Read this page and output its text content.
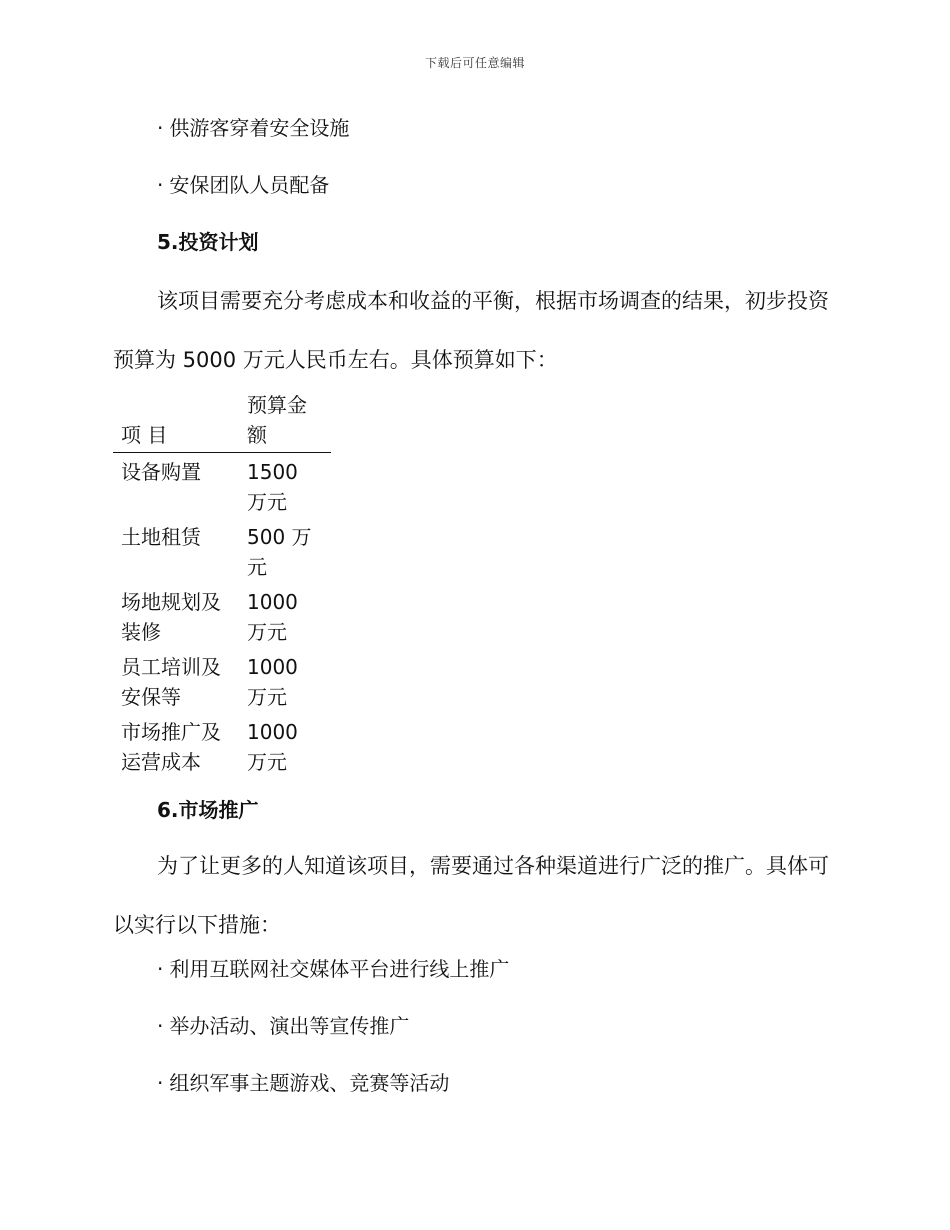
下载后可任意编辑
· 供游客穿着安全设施
· 安保团队人员配备
5.投资计划

该项目需要充分考虑成本和收益的平衡，根据市场调查的结果，初步投资预算为 5000 万元人民币左右。具体预算如下：

项 目	预算金额
设备购置	1500 万元
土地租赁	500 万元
场地规划及装修	1000 万元
员工培训及安保等	1000 万元
市场推广及运营成本	1000 万元
6.市场推广

为了让更多的人知道该项目，需要通过各种渠道进行广泛的推广。具体可以实行以下措施：

· 利用互联网社交媒体平台进行线上推广
· 举办活动、演出等宣传推广
· 组织军事主题游戏、竞赛等活动
